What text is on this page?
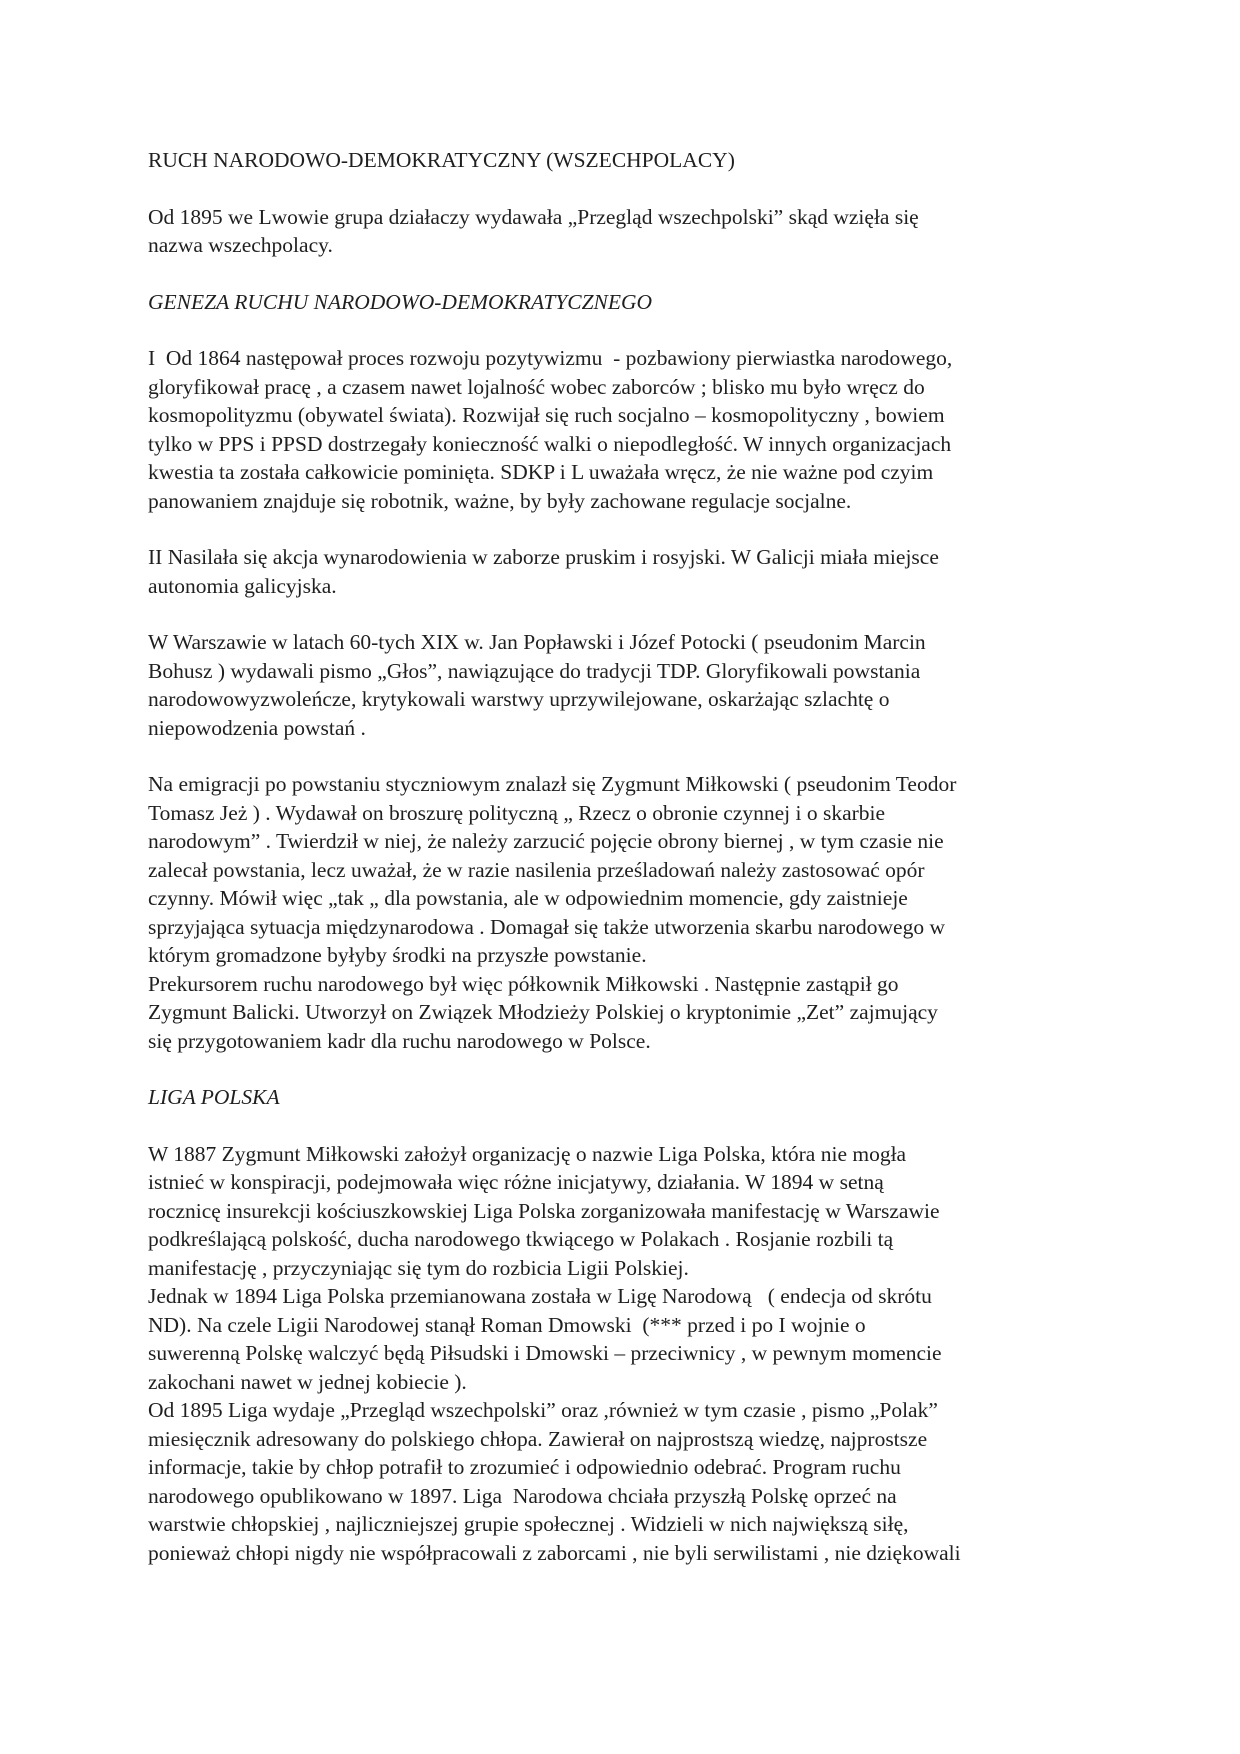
RUCH NARODOWO-DEMOKRATYCZNY (WSZECHPOLACY)

Od 1895 we Lwowie grupa działaczy wydawała „Przegląd wszechpolski” skąd wzięła się
nazwa wszechpolacy.

GENEZA RUCHU NARODOWO-DEMOKRATYCZNEGO

I  Od 1864 następował proces rozwoju pozytywizmu  - pozbawiony pierwiastka narodowego,
gloryfikował pracę , a czasem nawet lojalność wobec zaborców ; blisko mu było wręcz do
kosmopolityzmu (obywatel świata). Rozwijał się ruch socjalno – kosmopolityczny , bowiem
tylko w PPS i PPSD dostrzegały konieczność walki o niepodległość. W innych organizacjach
kwestia ta została całkowicie pominięta. SDKP i L uważała wręcz, że nie ważne pod czyim
panowaniem znajduje się robotnik, ważne, by były zachowane regulacje socjalne.

II Nasilała się akcja wynarodowienia w zaborze pruskim i rosyjski. W Galicji miała miejsce
autonomia galicyjska.

W Warszawie w latach 60-tych XIX w. Jan Popławski i Józef Potocki ( pseudonim Marcin
Bohusz ) wydawali pismo „Głos”, nawiązujące do tradycji TDP. Gloryfikowali powstania
narodowowyzwoleńcze, krytykowali warstwy uprzywilejowane, oskarżając szlachtę o
niepowodzenia powstań .

Na emigracji po powstaniu styczniowym znalazł się Zygmunt Miłkowski ( pseudonim Teodor
Tomasz Jeż ) . Wydawał on broszurę polityczną „ Rzecz o obronie czynnej i o skarbie
narodowym” . Twierdził w niej, że należy zarzucić pojęcie obrony biernej , w tym czasie nie
zalecał powstania, lecz uważał, że w razie nasilenia prześladowań należy zastosować opór
czynny. Mówił więc „tak „ dla powstania, ale w odpowiednim momencie, gdy zaistnieje
sprzyjająca sytuacja międzynarodowa . Domagał się także utworzenia skarbu narodowego w
którym gromadzone byłyby środki na przyszłe powstanie.
Prekursorem ruchu narodowego był więc półkownik Miłkowski . Następnie zastąpił go
Zygmunt Balicki. Utworzył on Związek Młodzieży Polskiej o kryptonimie „Zet” zajmujący
się przygotowaniem kadr dla ruchu narodowego w Polsce.

LIGA POLSKA

W 1887 Zygmunt Miłkowski założył organizację o nazwie Liga Polska, która nie mogła
istnieć w konspiracji, podejmowała więc różne inicjatywy, działania. W 1894 w setną
rocznicę insurekcji kościuszkowskiej Liga Polska zorganizowała manifestację w Warszawie
podkreślającą polskość, ducha narodowego tkwiącego w Polakach . Rosjanie rozbili tą
manifestację , przyczyniając się tym do rozbicia Ligii Polskiej.
Jednak w 1894 Liga Polska przemianowana została w Ligę Narodową   ( endecja od skrótu
ND). Na czele Ligii Narodowej stanął Roman Dmowski  (*** przed i po I wojnie o
suwerenną Polskę walczyć będą Piłsudski i Dmowski – przeciwnicy , w pewnym momencie
zakochani nawet w jednej kobiecie ).
Od 1895 Liga wydaje „Przegląd wszechpolski” oraz ,również w tym czasie , pismo „Polak”
miesięcznik adresowany do polskiego chłopa. Zawierał on najprostszą wiedzę, najprostsze
informacje, takie by chłop potrafił to zrozumieć i odpowiednio odebrać. Program ruchu
narodowego opublikowano w 1897. Liga  Narodowa chciała przyszłą Polskę oprzeć na
warstwie chłopskiej , najliczniejszej grupie społecznej . Widzieli w nich największą siłę,
ponieważ chłopi nigdy nie współpracowali z zaborcami , nie byli serwilistami , nie dziękowali
